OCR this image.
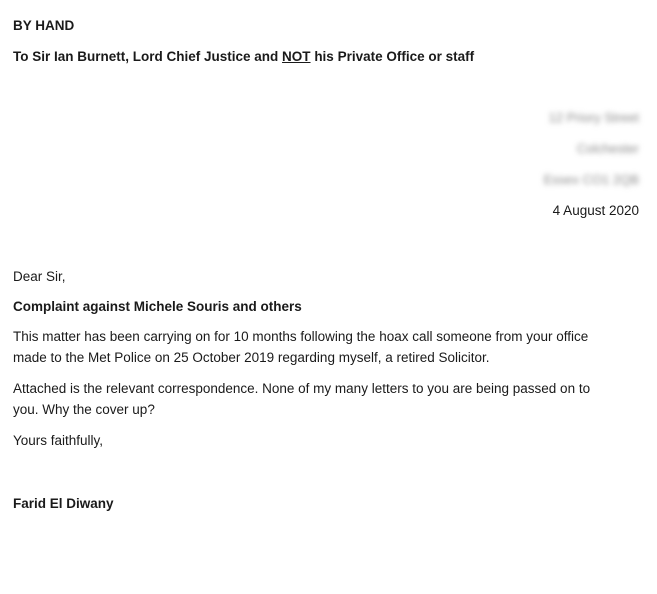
BY HAND
To Sir Ian Burnett, Lord Chief Justice and NOT his Private Office or staff
12 Priory Street
Colchester
Essex CO1 2QB
4 August 2020
Dear Sir,
Complaint against Michele Souris and others
This matter has been carrying on for 10 months following the hoax call someone from your office
made to the Met Police on 25 October 2019 regarding myself, a retired Solicitor.
Attached is the relevant correspondence. None of my many letters to you are being passed on to
you. Why the cover up?
Yours faithfully,
Farid El Diwany
